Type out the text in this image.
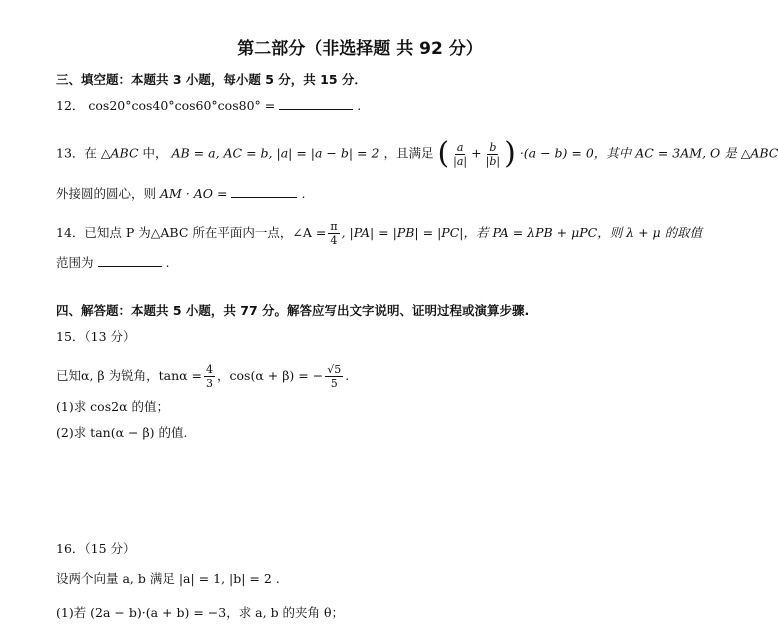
第二部分（非选择题 共 92 分）
三、填空题：本题共 3 小题，每小题 5 分，共 15 分．
12． cos20°cos40°cos60°cos80° =	.
13．在 △ABC 中， AB = a, AC = b, |a| = |a − b| = 2 ，且满足 ( $\frac{a}{|a|} + \frac{b}{|b|}$ ) ·(a − b) = 0，其中 AC = 3AM, O 是 △ABC
外接圆的圆心，则 AM · AO =	.
14．已知点 P 为△ABC 所在平面内一点，∠A = $\frac{\pi}{4}$ , |PA| = |PB| = |PC|，若 PA = λPB + μPC，则 λ + μ 的取值
范围为	.
四、解答题：本题共 5 小题，共 77 分。解答应写出文字说明、证明过程或演算步骤.
15．（13 分）
已知α, β 为锐角，$\tan\alpha = \frac{4}{3}$ ，cos(α + β) = − $\frac{√5}{5}$ .
(1)求 cos2α 的值；
(2)求 tan(α − β) 的值.
16．（15 分）
设两个向量 a, b 满足 |a| = 1, |b| = 2 .
(1)若 (2a − b)·(a + b) = −3，求 a, b 的夹角 θ；
